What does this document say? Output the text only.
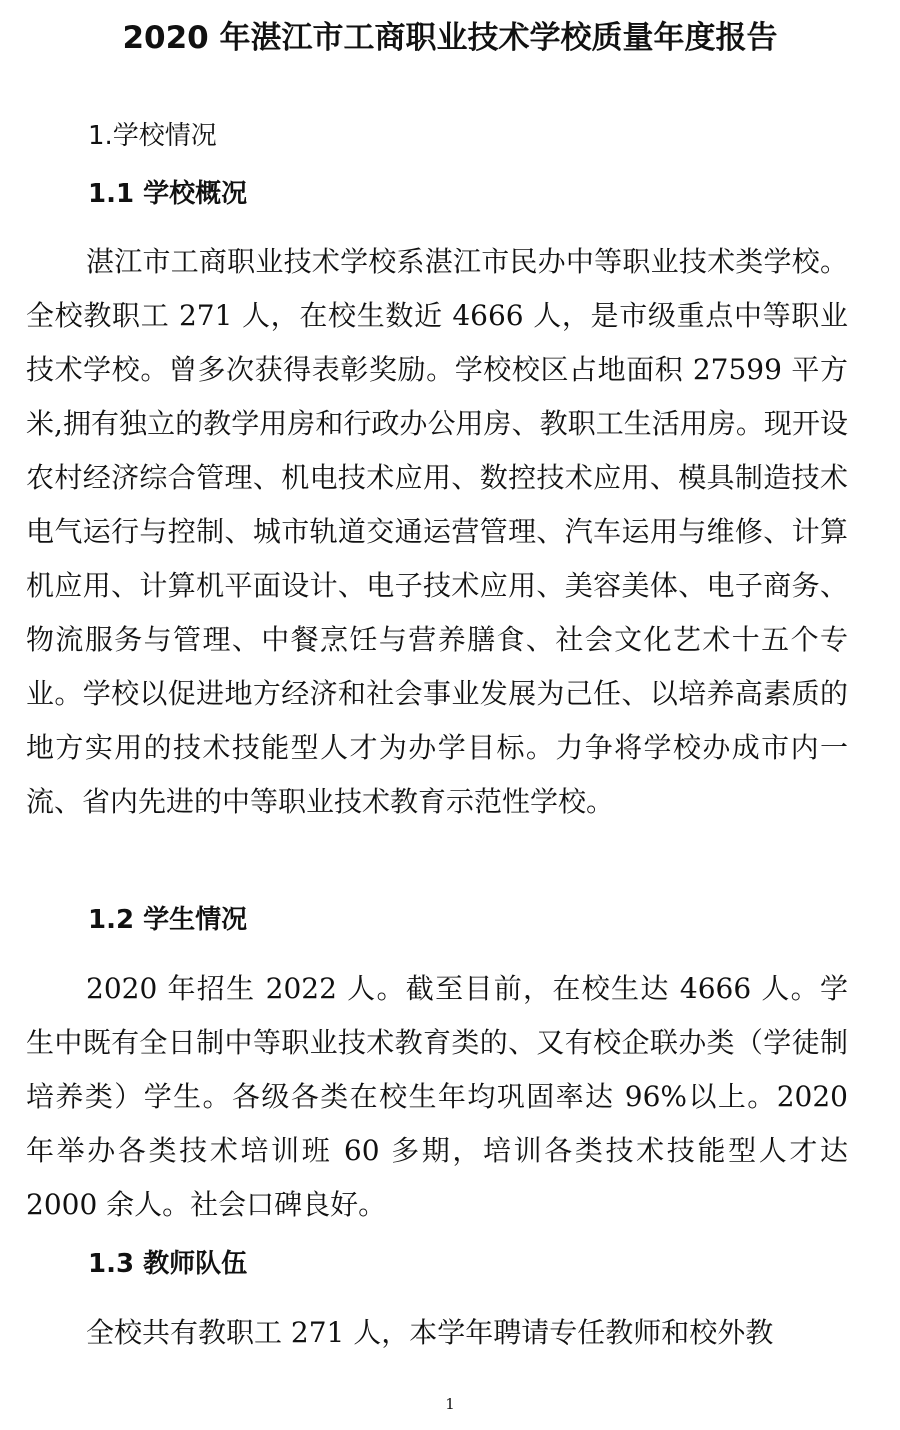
2020 年湛江市工商职业技术学校质量年度报告
1.学校情况
1.1 学校概况

湛江市工商职业技术学校系湛江市民办中等职业技术类学校。全校教职工 271 人，在校生数近 4666 人，是市级重点中等职业技术学校。曾多次获得表彰奖励。学校校区占地面积 27599 平方米,拥有独立的教学用房和行政办公用房、教职工生活用房。现开设农村经济综合管理、机电技术应用、数控技术应用、模具制造技术电气运行与控制、城市轨道交通运营管理、汽车运用与维修、计算机应用、计算机平面设计、电子技术应用、美容美体、电子商务、物流服务与管理、中餐烹饪与营养膳食、社会文化艺术十五个专业。学校以促进地方经济和社会事业发展为己任、以培养高素质的地方实用的技术技能型人才为办学目标。力争将学校办成市内一流、省内先进的中等职业技术教育示范性学校。

1.2 学生情况

2020 年招生 2022 人。截至目前，在校生达 4666 人。学生中既有全日制中等职业技术教育类的、又有校企联办类（学徒制培养类）学生。各级各类在校生年均巩固率达 96%以上。2020 年举办各类技术培训班 60 多期，培训各类技术技能型人才达 2000 余人。社会口碑良好。

1.3 教师队伍

全校共有教职工 271 人，本学年聘请专任教师和校外教

1
